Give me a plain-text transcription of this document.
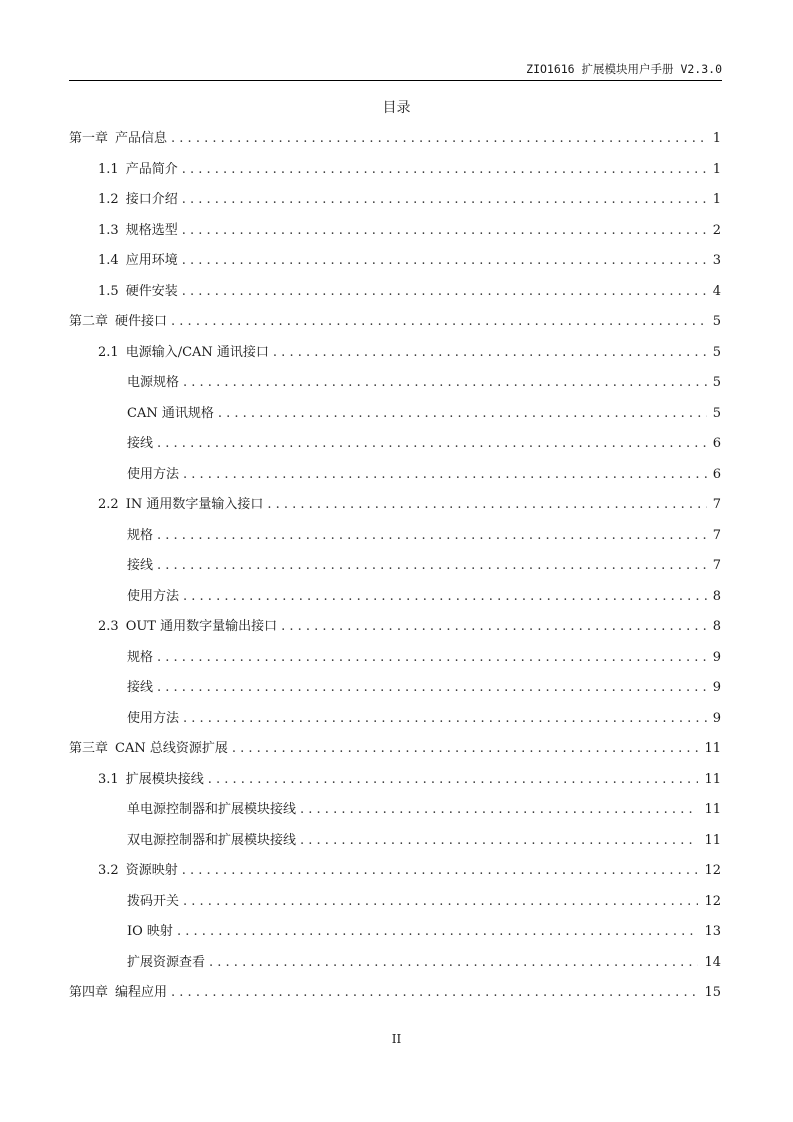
ZIO1616 扩展模块用户手册 V2.3.0
目录
第一章 产品信息 . . .	1
1.1 产品简介 . . .	1
1.2 接口介绍 . . .	1
1.3 规格选型 . . .	2
1.4 应用环境 . . .	3
1.5 硬件安装 . . .	4
第二章 硬件接口 . . .	5
2.1 电源输入/CAN 通讯接口 . . .	5
电源规格 . . .	5
CAN 通讯规格 . . .	5
接线 . . .	6
使用方法 . . .	6
2.2 IN 通用数字量输入接口 . . .	7
规格 . . .	7
接线 . . .	7
使用方法 . . .	8
2.3 OUT 通用数字量输出接口 . . .	8
规格 . . .	9
接线 . . .	9
使用方法 . . .	9
第三章 CAN 总线资源扩展 . . .	11
3.1 扩展模块接线 . . .	11
单电源控制器和扩展模块接线 . . .	11
双电源控制器和扩展模块接线 . . .	11
3.2 资源映射 . . .	12
拨码开关 . . .	12
IO 映射 . . .	13
扩展资源查看 . . .	14
第四章 编程应用 . . .	15
II
